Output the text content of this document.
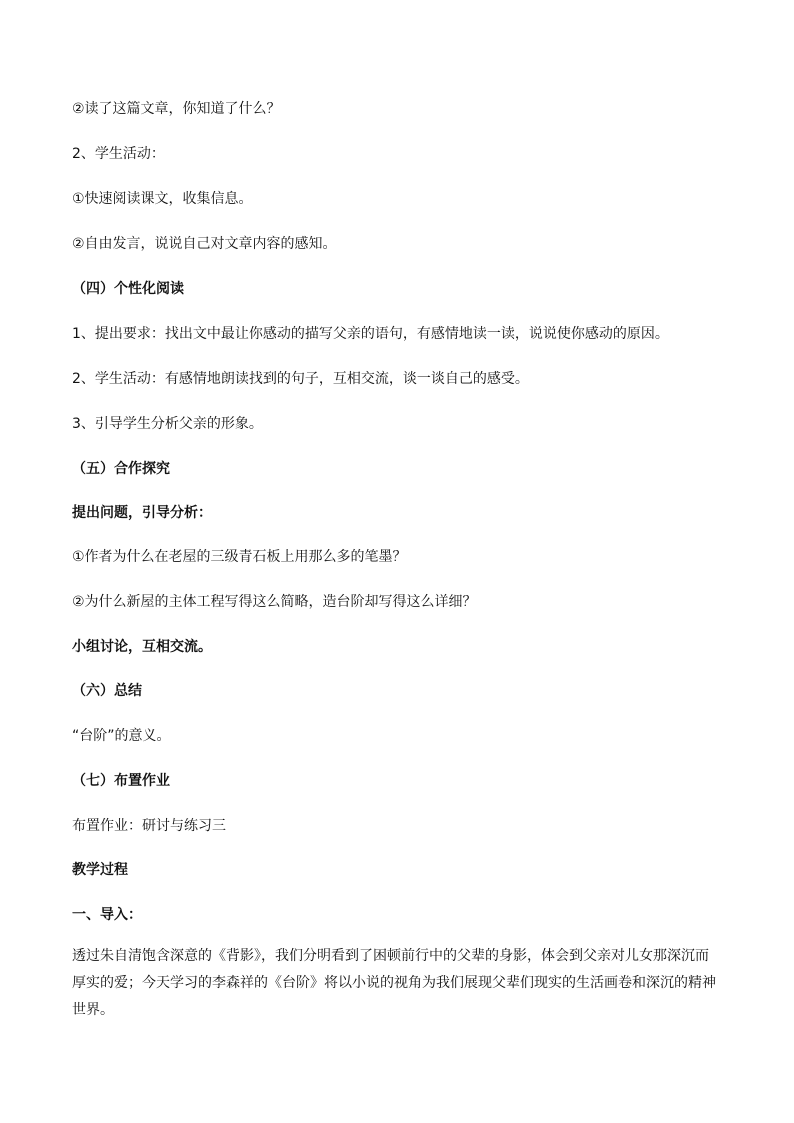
②读了这篇文章，你知道了什么？
2、学生活动：
①快速阅读课文，收集信息。
②自由发言，说说自己对文章内容的感知。
（四）个性化阅读
1、提出要求：找出文中最让你感动的描写父亲的语句，有感情地读一读，说说使你感动的原因。
2、学生活动：有感情地朗读找到的句子，互相交流，谈一谈自己的感受。
3、引导学生分析父亲的形象。
（五）合作探究
提出问题，引导分析：
①作者为什么在老屋的三级青石板上用那么多的笔墨？
②为什么新屋的主体工程写得这么简略，造台阶却写得这么详细？
小组讨论，互相交流。
（六）总结
“台阶”的意义。
（七）布置作业
布置作业：研讨与练习三
教学过程
一、导入：
透过朱自清饱含深意的《背影》，我们分明看到了困顿前行中的父辈的身影，体会到父亲对儿女那深沉而厚实的爱；今天学习的李森祥的《台阶》将以小说的视角为我们展现父辈们现实的生活画卷和深沉的精神世界。
